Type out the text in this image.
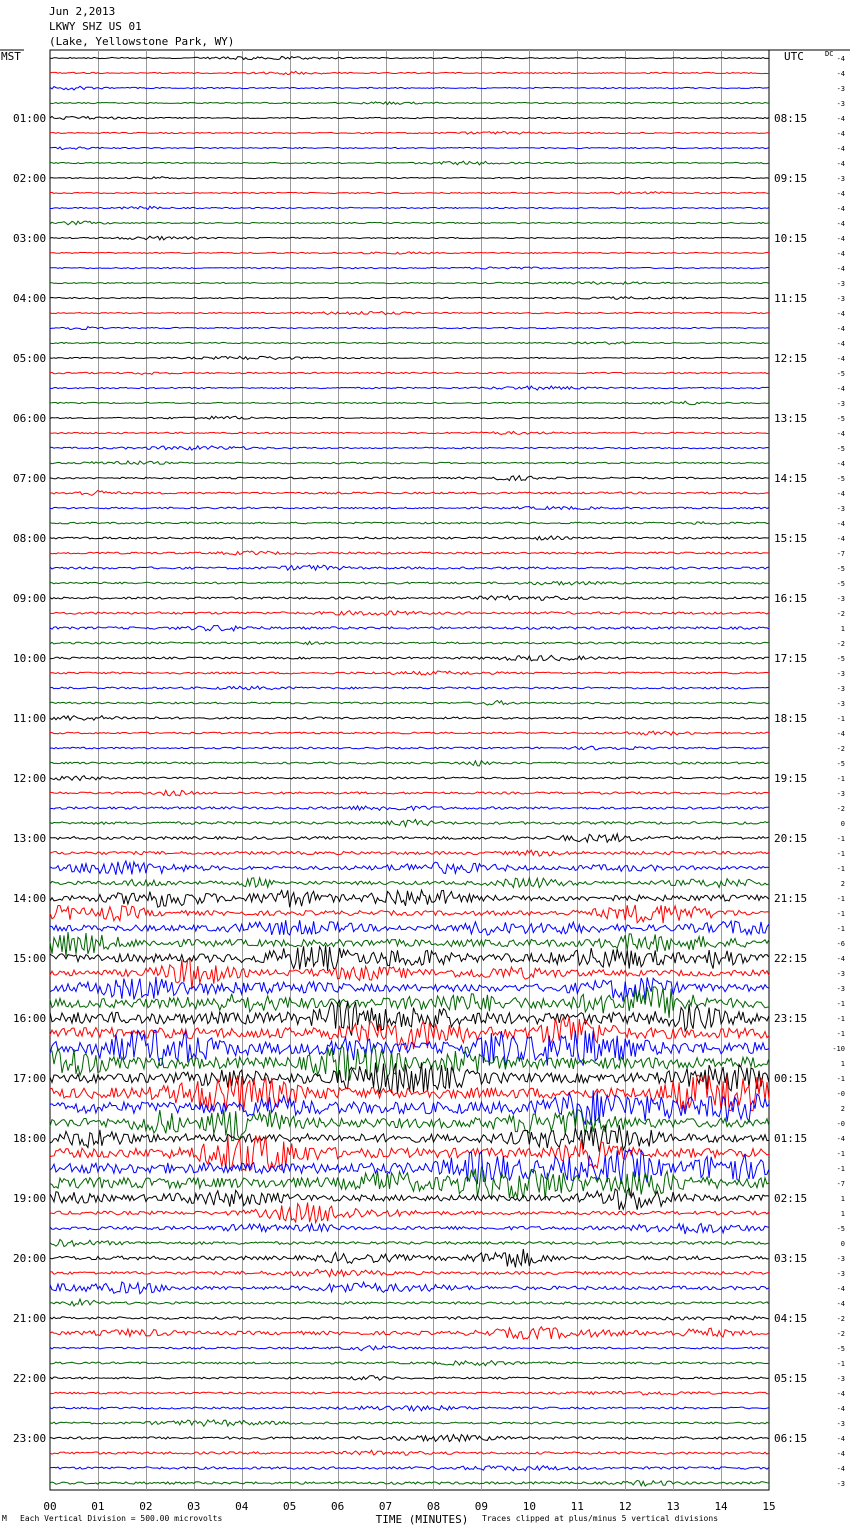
MST	UTC	DC
01:00
02:00
03:00
04:00
05:00
06:00
07:00
08:00
09:00
10:00
11:00
12:00
13:00
14:00
15:00
16:00
17:00
18:00
19:00
20:00
21:00
22:00
23:00
08:15
09:15
10:15
11:15
12:15
13:15
14:15
15:15
16:15
17:15
18:15
19:15
20:15
21:15
22:15
23:15
00:15
01:15
02:15
03:15
04:15
05:15
06:15
-4
-4
-3
-3
-4
-4
-4
-4
-3
-4
-4
-4
-4
-4
-4
-3
-3
-4
-4
-4
-4
-5
-4
-3
-5
-4
-5
-4
-5
-4
-3
-4
-4
-7
-5
-5
-3
-2
1
-2
-5
-3
-3
-3
-1
-4
-2
-5
-1
-3
-2
0
-1
-1
-1
2
-1
-1
-1
-6
-4
-3
-3
-1
-1
-1
-10
1
-1
-0
2
-0
-4
-1
-1
-7
1
1
-5
0
-3
-3
-4
-4
-2
-2
-5
-1
-3
-4
-4
-3
-4
-4
-4
-3
00	01	02	03	04	05	06	07	08	09	10	11	12	13	14	15
TIME (MINUTES)
Jun 2,2013
LKWY SHZ US 01
(Lake, Yellowstone Park, WY)
M Each Vertical Division = 500.00 microvolts	Traces clipped at plus/minus 5 vertical divisions
